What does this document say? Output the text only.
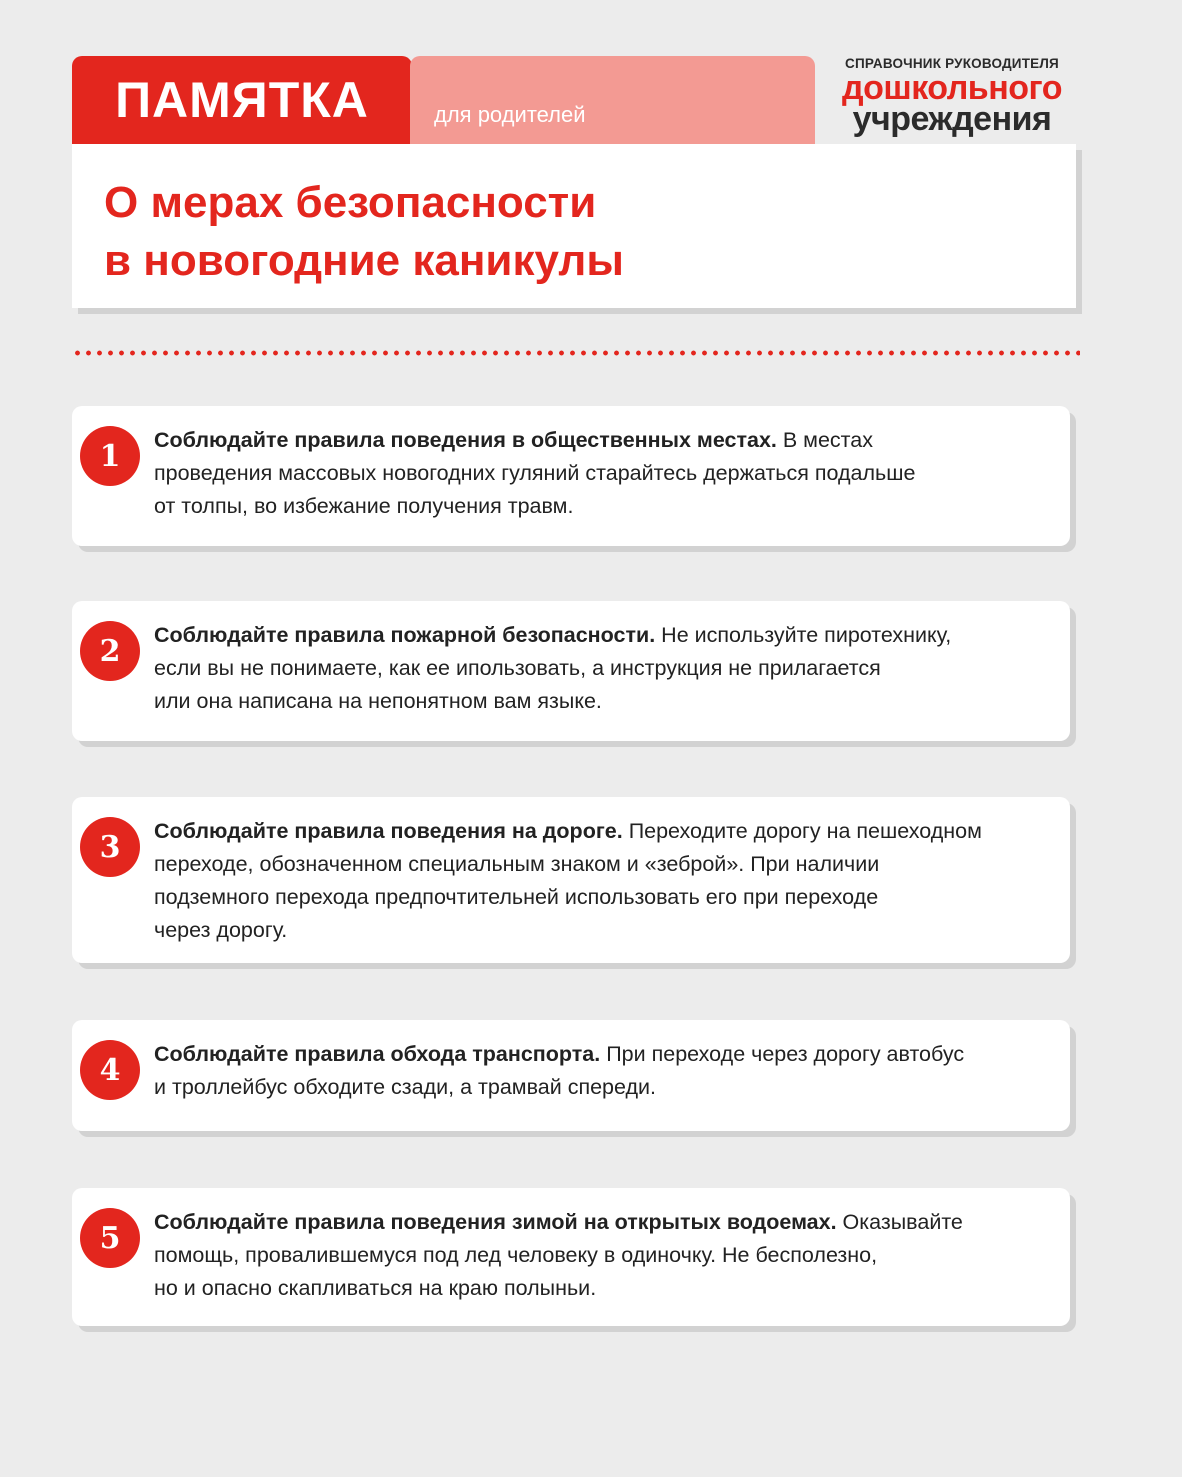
ПАМЯТКА	для родителей
СПРАВОЧНИК РУКОВОДИТЕЛЯ
дошкольного
учреждения
О мерах безопасности
в новогодние каникулы
1	Соблюдайте правила поведения в общественных местах. В местах
проведения массовых новогодних гуляний старайтесь держаться подальше
от толпы, во избежание получения травм.
2	Соблюдайте правила пожарной безопасности. Не используйте пиротехнику,
если вы не понимаете, как ее ипользовать, а инструкция не прилагается
или она написана на непонятном вам языке.
3	Соблюдайте правила поведения на дороге. Переходите дорогу на пешеходном
переходе, обозначенном специальным знаком и «зеброй». При наличии
подземного перехода предпочтительней использовать его при переходе
через дорогу.
4	Соблюдайте правила обхода транспорта. При переходе через дорогу автобус
и троллейбус обходите сзади, а трамвай спереди.
5	Соблюдайте правила поведения зимой на открытых водоемах. Оказывайте
помощь, провалившемуся под лед человеку в одиночку. Не бесполезно,
но и опасно скапливаться на краю полыньи.
